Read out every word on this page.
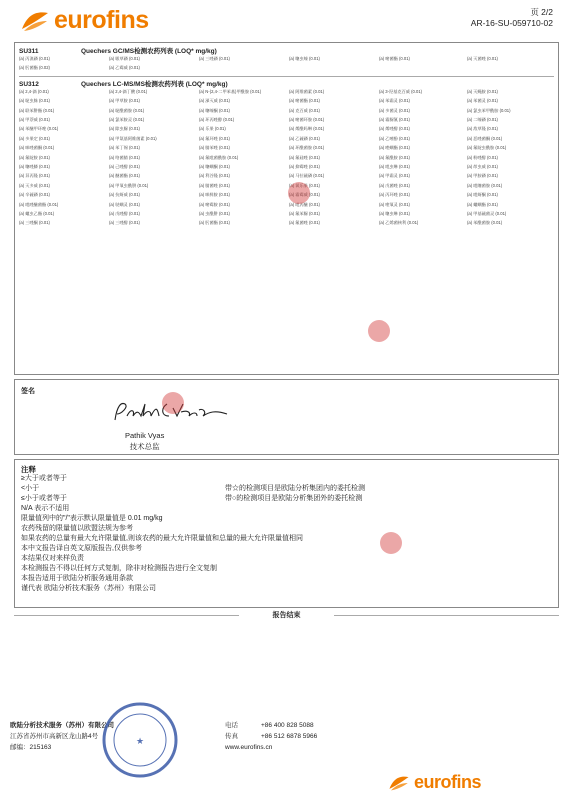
eurofins	页 2/2
AR-16-SU-059710-02
SU311	Quechers GC/MS检测农药列表 (LOQ* mg/kg)
(a) 丙溴磷 (0.01)	(a) 哌草磷 (0.01)	(a) 三唑磷 (0.01)	(a) 噻虫嗪 (0.01)	(a) 嘧菌酯 (0.01)	(a) 灭菌唑 (0.01)
(a) 肟菌酯 (0.02)	(a) 乙霉威 (0.01)
SU312	Quechers LC-MS/MS检测农药列表 (LOQ* mg/kg)
(a) 2,4-滴 (0.01)	(a) 2,4-滴丁酸 (0.01)	(a) N-(2,4-二甲苯基)甲酰胺 (0.01)	(a) 阿维菌素 (0.01)	(a) 3-羟基克百威 (0.01)	(a) 灭蝇胺 (0.01)
(a) 啶虫脒 (0.01)	(a) 甲草胺 (0.01)	(a) 涕灭威 (0.01)	(a) 嘧菌酯 (0.01)	(a) 苯霜灵 (0.01)	(a) 苯菌灵 (0.01)
(a) 联苯肼酯 (0.01)	(a) 啶酰菌胺 (0.01)	(a) 噻嗪酮 (0.01)	(a) 克百威 (0.01)	(a) 多菌灵 (0.01)	(a) 氯虫苯甲酰胺 (0.01)
(a) 甲萘威 (0.01)	(a) 氯苯胺灵 (0.01)	(a) 环丙唑醇 (0.01)	(a) 嘧菌环胺 (0.01)	(a) 霜脲氰 (0.01)	(a) 二嗪磷 (0.01)
(a) 苯醚甲环唑 (0.01)	(a) 除虫脲 (0.01)	(a) 乐果 (0.01)	(a) 烯酰吗啉 (0.01)	(a) 烯唑醇 (0.01)	(a) 敌草隆 (0.01)
(a) 多果定 (0.01)	(a) 甲氨基阿维菌素 (0.01)	(a) 氟环唑 (0.01)	(a) 乙硫磷 (0.01)	(a) 乙嘧酚 (0.01)	(a) 恶唑菌酮 (0.01)
(a) 咪唑菌酮 (0.01)	(a) 苯丁锡 (0.01)	(a) 腈苯唑 (0.01)	(a) 环酰菌胺 (0.01)	(a) 唑螨酯 (0.01)	(a) 氟啶虫酰胺 (0.01)
(a) 氟啶胺 (0.01)	(a) 咯菌腈 (0.01)	(a) 氟吡菌酰胺 (0.01)	(a) 氟硅唑 (0.01)	(a) 氟酰胺 (0.01)	(a) 粉唑醇 (0.01)
(a) 噻唑膦 (0.01)	(a) 己唑醇 (0.01)	(a) 噻螨酮 (0.01)	(a) 抑霉唑 (0.01)	(a) 吡虫啉 (0.01)	(a) 茚虫威 (0.01)
(a) 异丙隆 (0.01)	(a) 醚菌酯 (0.01)	(a) 利谷隆 (0.01)	(a) 马拉硫磷 (0.01)	(a) 甲霜灵 (0.01)	(a) 甲胺磷 (0.01)
(a) 灭多威 (0.01)	(a) 甲氧虫酰肼 (0.01)	(a) 腈菌唑 (0.01)	(a) 氧乐果 (0.01)	(a) 戊菌唑 (0.01)	(a) 吡噻菌胺 (0.01)
(a) 辛硫磷 (0.01)	(a) 抗蚜威 (0.01)	(a) 咪鲜胺 (0.01)	(a) 霜霉威 (0.01)	(a) 丙环唑 (0.01)	(a) 吡蚜酮 (0.01)
(a) 吡唑醚菌酯 (0.01)	(a) 哒螨灵 (0.01)	(a) 嘧霉胺 (0.01)	(a) 吡丙醚 (0.01)	(a) 喹氧灵 (0.01)	(a) 螺螨酯 (0.01)
(a) 螺虫乙酯 (0.01)	(a) 戊唑醇 (0.01)	(a) 虫酰肼 (0.01)	(a) 氟苯脲 (0.01)	(a) 噻虫啉 (0.01)	(a) 甲基硫菌灵 (0.01)
(a) 三唑酮 (0.01)	(a) 三唑醇 (0.01)	(a) 肟菌酯 (0.01)	(a) 氟菌唑 (0.01)	(a) 乙烯菌核利 (0.01)	(a) 苯酰菌胺 (0.01)
签名
Pathik Vyas
技术总监
注释
≥大于或者等于
<小于
≤小于或者等于
N/A 表示不适用
限量值列中的"/"表示默认限量值是 0.01 mg/kg
农药残留的限量值以欧盟法规为参考
如果农药的总量有最大允许限量值,则该农药的最大允许限量值和总量的最大允许限量值相同
本中文报告译自英文原版报告,仅供参考
本结果仅对来样负责
本检测报告不得以任何方式复制，除非对检测报告进行全文复制
本报告适用于欧陆分析服务通用条款
谨代表 欧陆分析技术服务（苏州）有限公司
带☆的检测项目是欧陆分析集团内的委托检测
带○的检测项目是欧陆分析集团外的委托检测
报告结束
欧陆分析技术服务（苏州）有限公司
江苏省苏州市高新区龙山路4号
邮编：215163
电话	+86 400 828 5088
传真	+86 512 6878 5966
www.eurofins.cn
★
eurofins
